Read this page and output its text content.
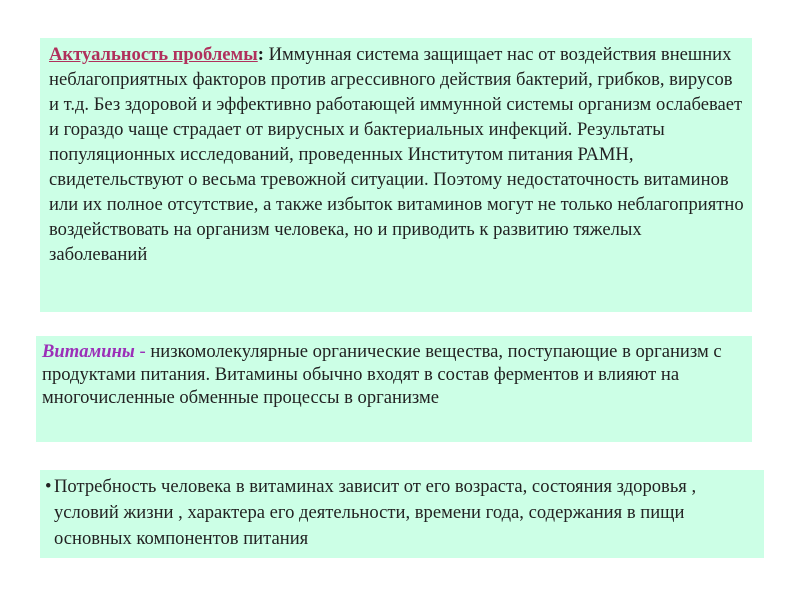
Актуальность проблемы: Иммунная система защищает нас от воздействия внешних неблагоприятных факторов против агрессивного действия бактерий, грибков, вирусов и т.д. Без здоровой и эффективно работающей иммунной системы организм ослабевает и гораздо чаще страдает от вирусных и бактериальных инфекций. Результаты популяционных исследований, проведенных Институтом питания РАМН, свидетельствуют о весьма тревожной ситуации. Поэтому недостаточность витаминов или их полное отсутствие, а также избыток витаминов могут не только неблагоприятно воздействовать на организм человека, но и приводить к развитию тяжелых заболеваний

Витамины - низкомолекулярные органические вещества, поступающие в организм с продуктами питания. Витамины обычно входят в состав ферментов и влияют на многочисленные обменные процессы в организме

• Потребность человека в витаминах зависит от его возраста, состояния здоровья , условий жизни , характера его деятельности, времени года, содержания в пищи основных компонентов питания
